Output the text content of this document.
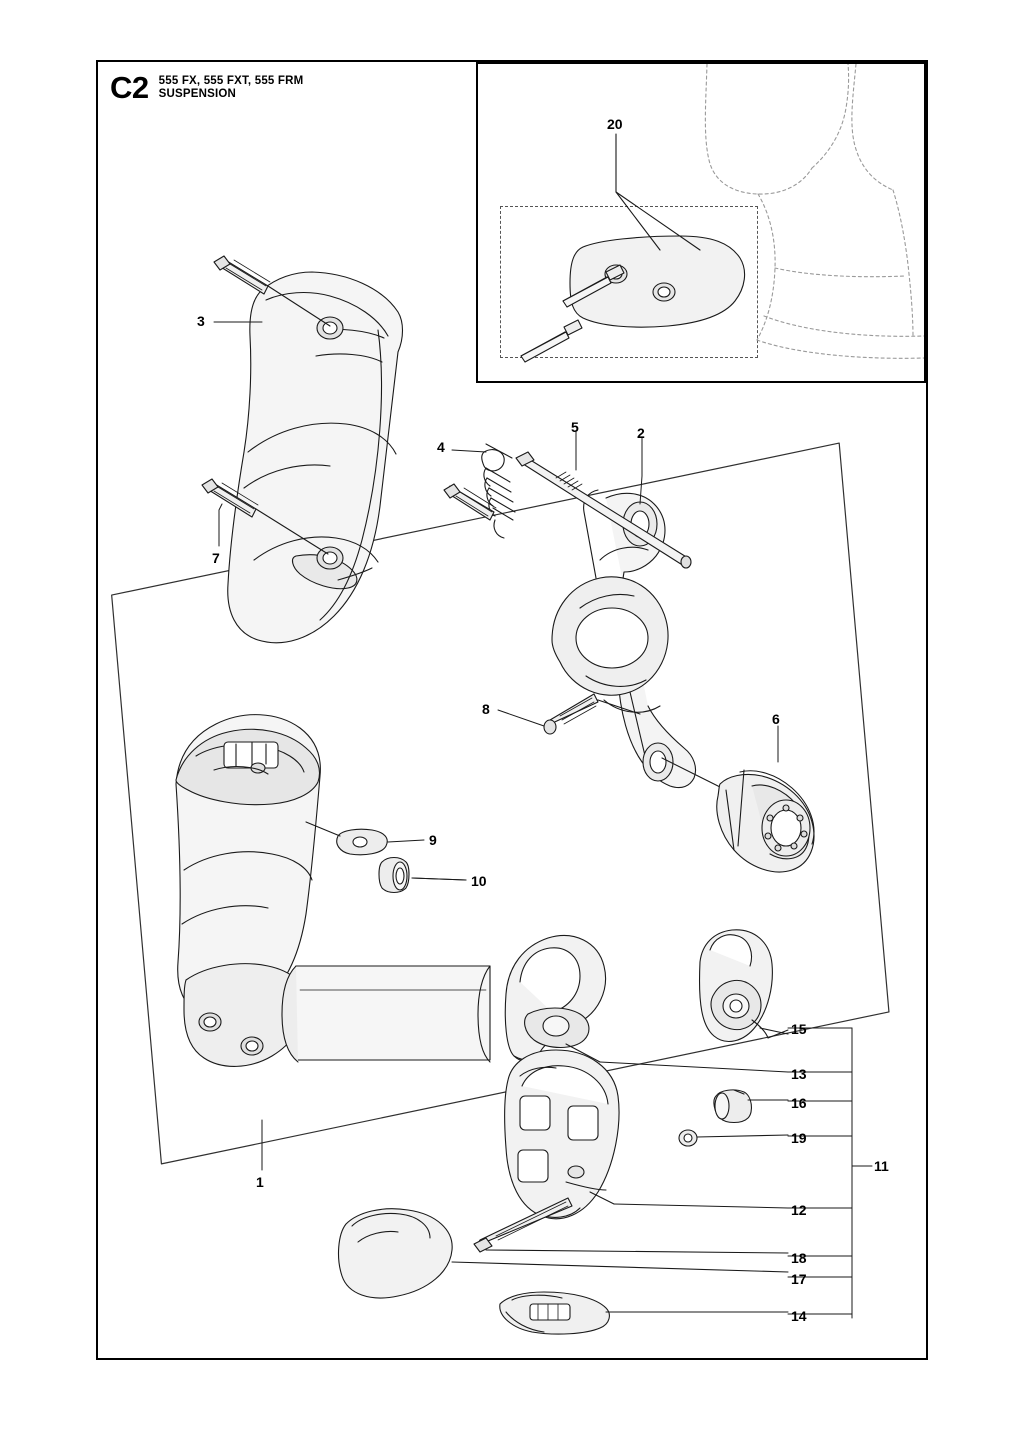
C2 555 FX, 555 FXT, 555 FRM
SUSPENSION
20
3
7
4
5	2
8
6
9
10
1
15
13
16
19
11
12
18
17
14
